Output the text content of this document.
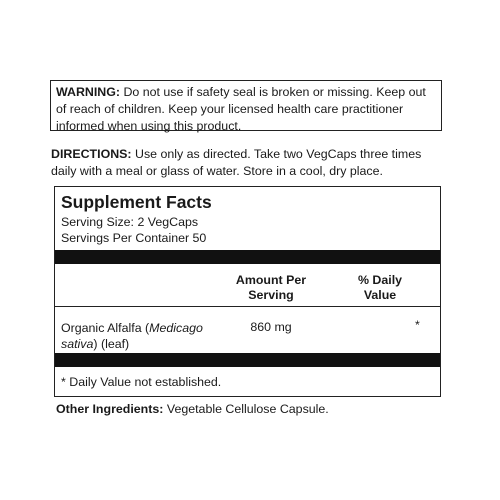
WARNING: Do not use if safety seal is broken or missing. Keep out
of reach of children. Keep your licensed health care practitioner
informed when using this product.
DIRECTIONS: Use only as directed. Take two VegCaps three times
daily with a meal or glass of water. Store in a cool, dry place.
Supplement Facts
Serving Size: 2 VegCaps
Servings Per Container 50
Amount Per
Serving
% Daily
Value
Organic Alfalfa (Medicago
sativa) (leaf)
860 mg	*
* Daily Value not established.
Other Ingredients: Vegetable Cellulose Capsule.
